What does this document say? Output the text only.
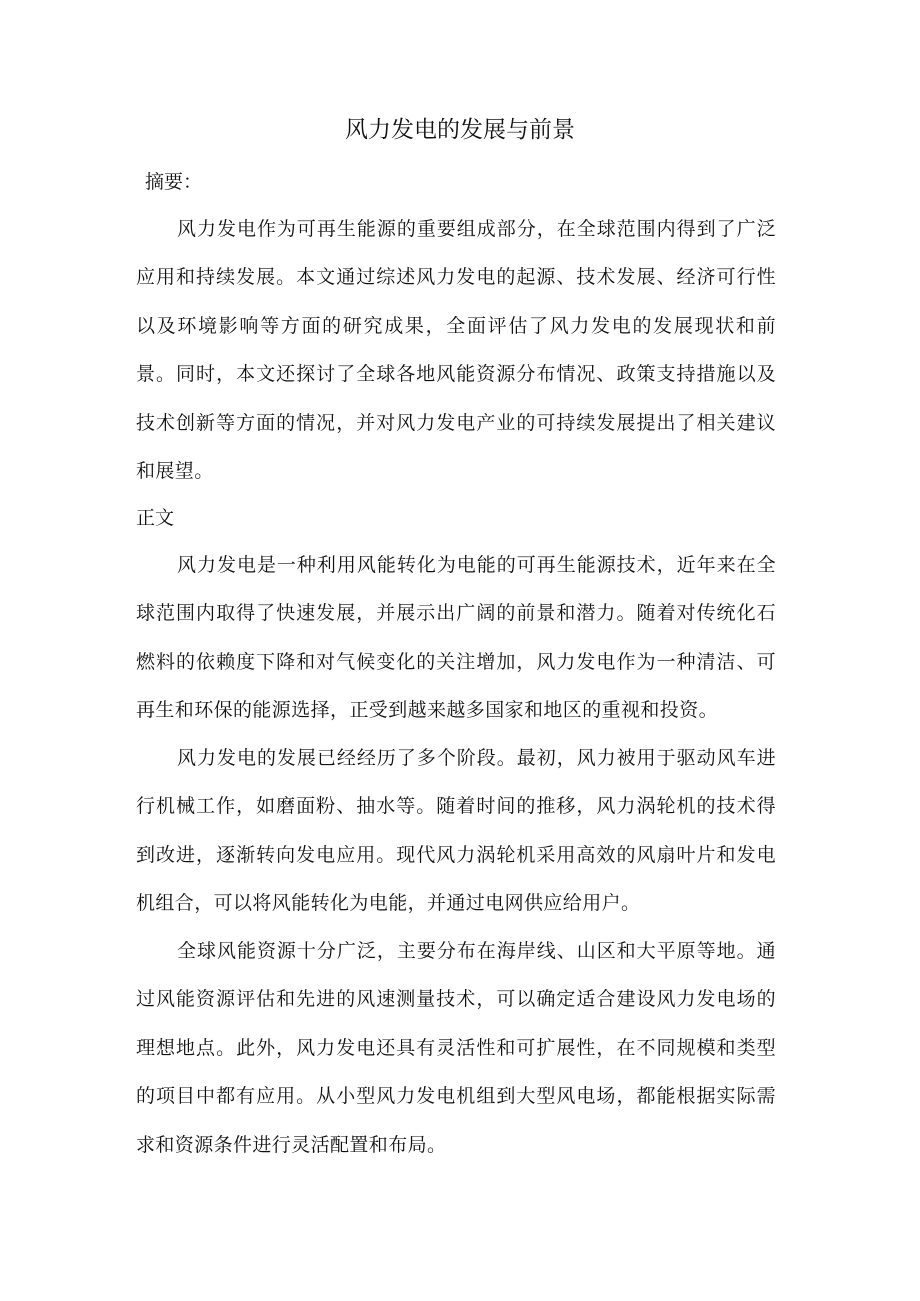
风力发电的发展与前景

摘要：

风力发电作为可再生能源的重要组成部分，在全球范围内得到了广泛应用和持续发展。本文通过综述风力发电的起源、技术发展、经济可行性以及环境影响等方面的研究成果，全面评估了风力发电的发展现状和前景。同时，本文还探讨了全球各地风能资源分布情况、政策支持措施以及技术创新等方面的情况，并对风力发电产业的可持续发展提出了相关建议和展望。

正文

风力发电是一种利用风能转化为电能的可再生能源技术，近年来在全球范围内取得了快速发展，并展示出广阔的前景和潜力。随着对传统化石燃料的依赖度下降和对气候变化的关注增加，风力发电作为一种清洁、可再生和环保的能源选择，正受到越来越多国家和地区的重视和投资。

风力发电的发展已经经历了多个阶段。最初，风力被用于驱动风车进行机械工作，如磨面粉、抽水等。随着时间的推移，风力涡轮机的技术得到改进，逐渐转向发电应用。现代风力涡轮机采用高效的风扇叶片和发电机组合，可以将风能转化为电能，并通过电网供应给用户。

全球风能资源十分广泛，主要分布在海岸线、山区和大平原等地。通过风能资源评估和先进的风速测量技术，可以确定适合建设风力发电场的理想地点。此外，风力发电还具有灵活性和可扩展性，在不同规模和类型的项目中都有应用。从小型风力发电机组到大型风电场，都能根据实际需求和资源条件进行灵活配置和布局。
